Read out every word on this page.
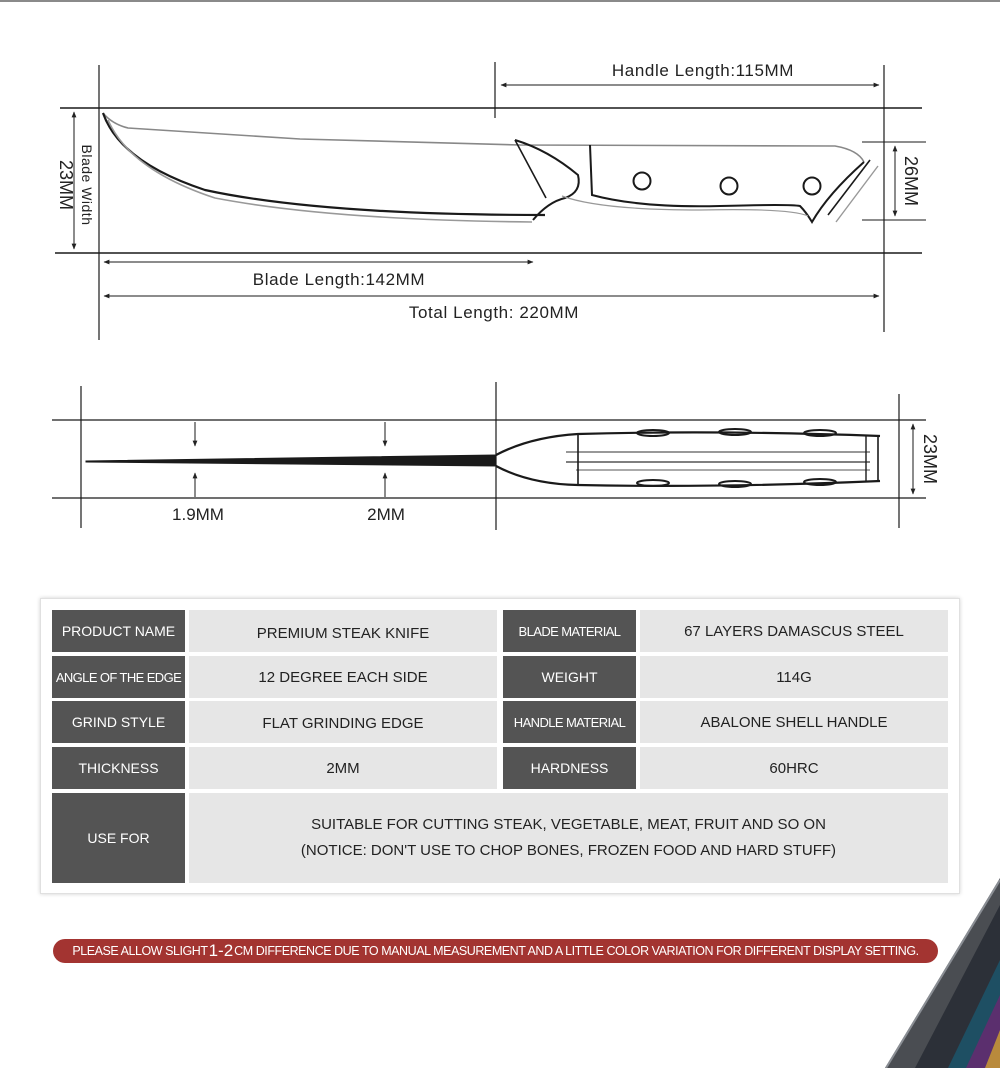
Handle Length:115MM
Blade Width
23MM	26MM
Blade Length:142MM
Total Length: 220MM
1.9MM	2MM
23MM
PRODUCT NAME	PREMIUM STEAK KNIFE	BLADE MATERIAL	67 LAYERS DAMASCUS STEEL
ANGLE OF THE EDGE	12 DEGREE EACH SIDE	WEIGHT	114G
GRIND STYLE	FLAT GRINDING EDGE	HANDLE MATERIAL	ABALONE SHELL HANDLE
THICKNESS	2MM	HARDNESS	60HRC
USE FOR
SUITABLE FOR CUTTING STEAK, VEGETABLE, MEAT, FRUIT AND SO ON
(NOTICE: DON'T USE TO CHOP BONES, FROZEN FOOD AND HARD STUFF)
PLEASE ALLOW SLIGHT 1-2 CM DIFFERENCE DUE TO MANUAL MEASUREMENT AND A LITTLE COLOR VARIATION FOR DIFFERENT DISPLAY SETTING.
